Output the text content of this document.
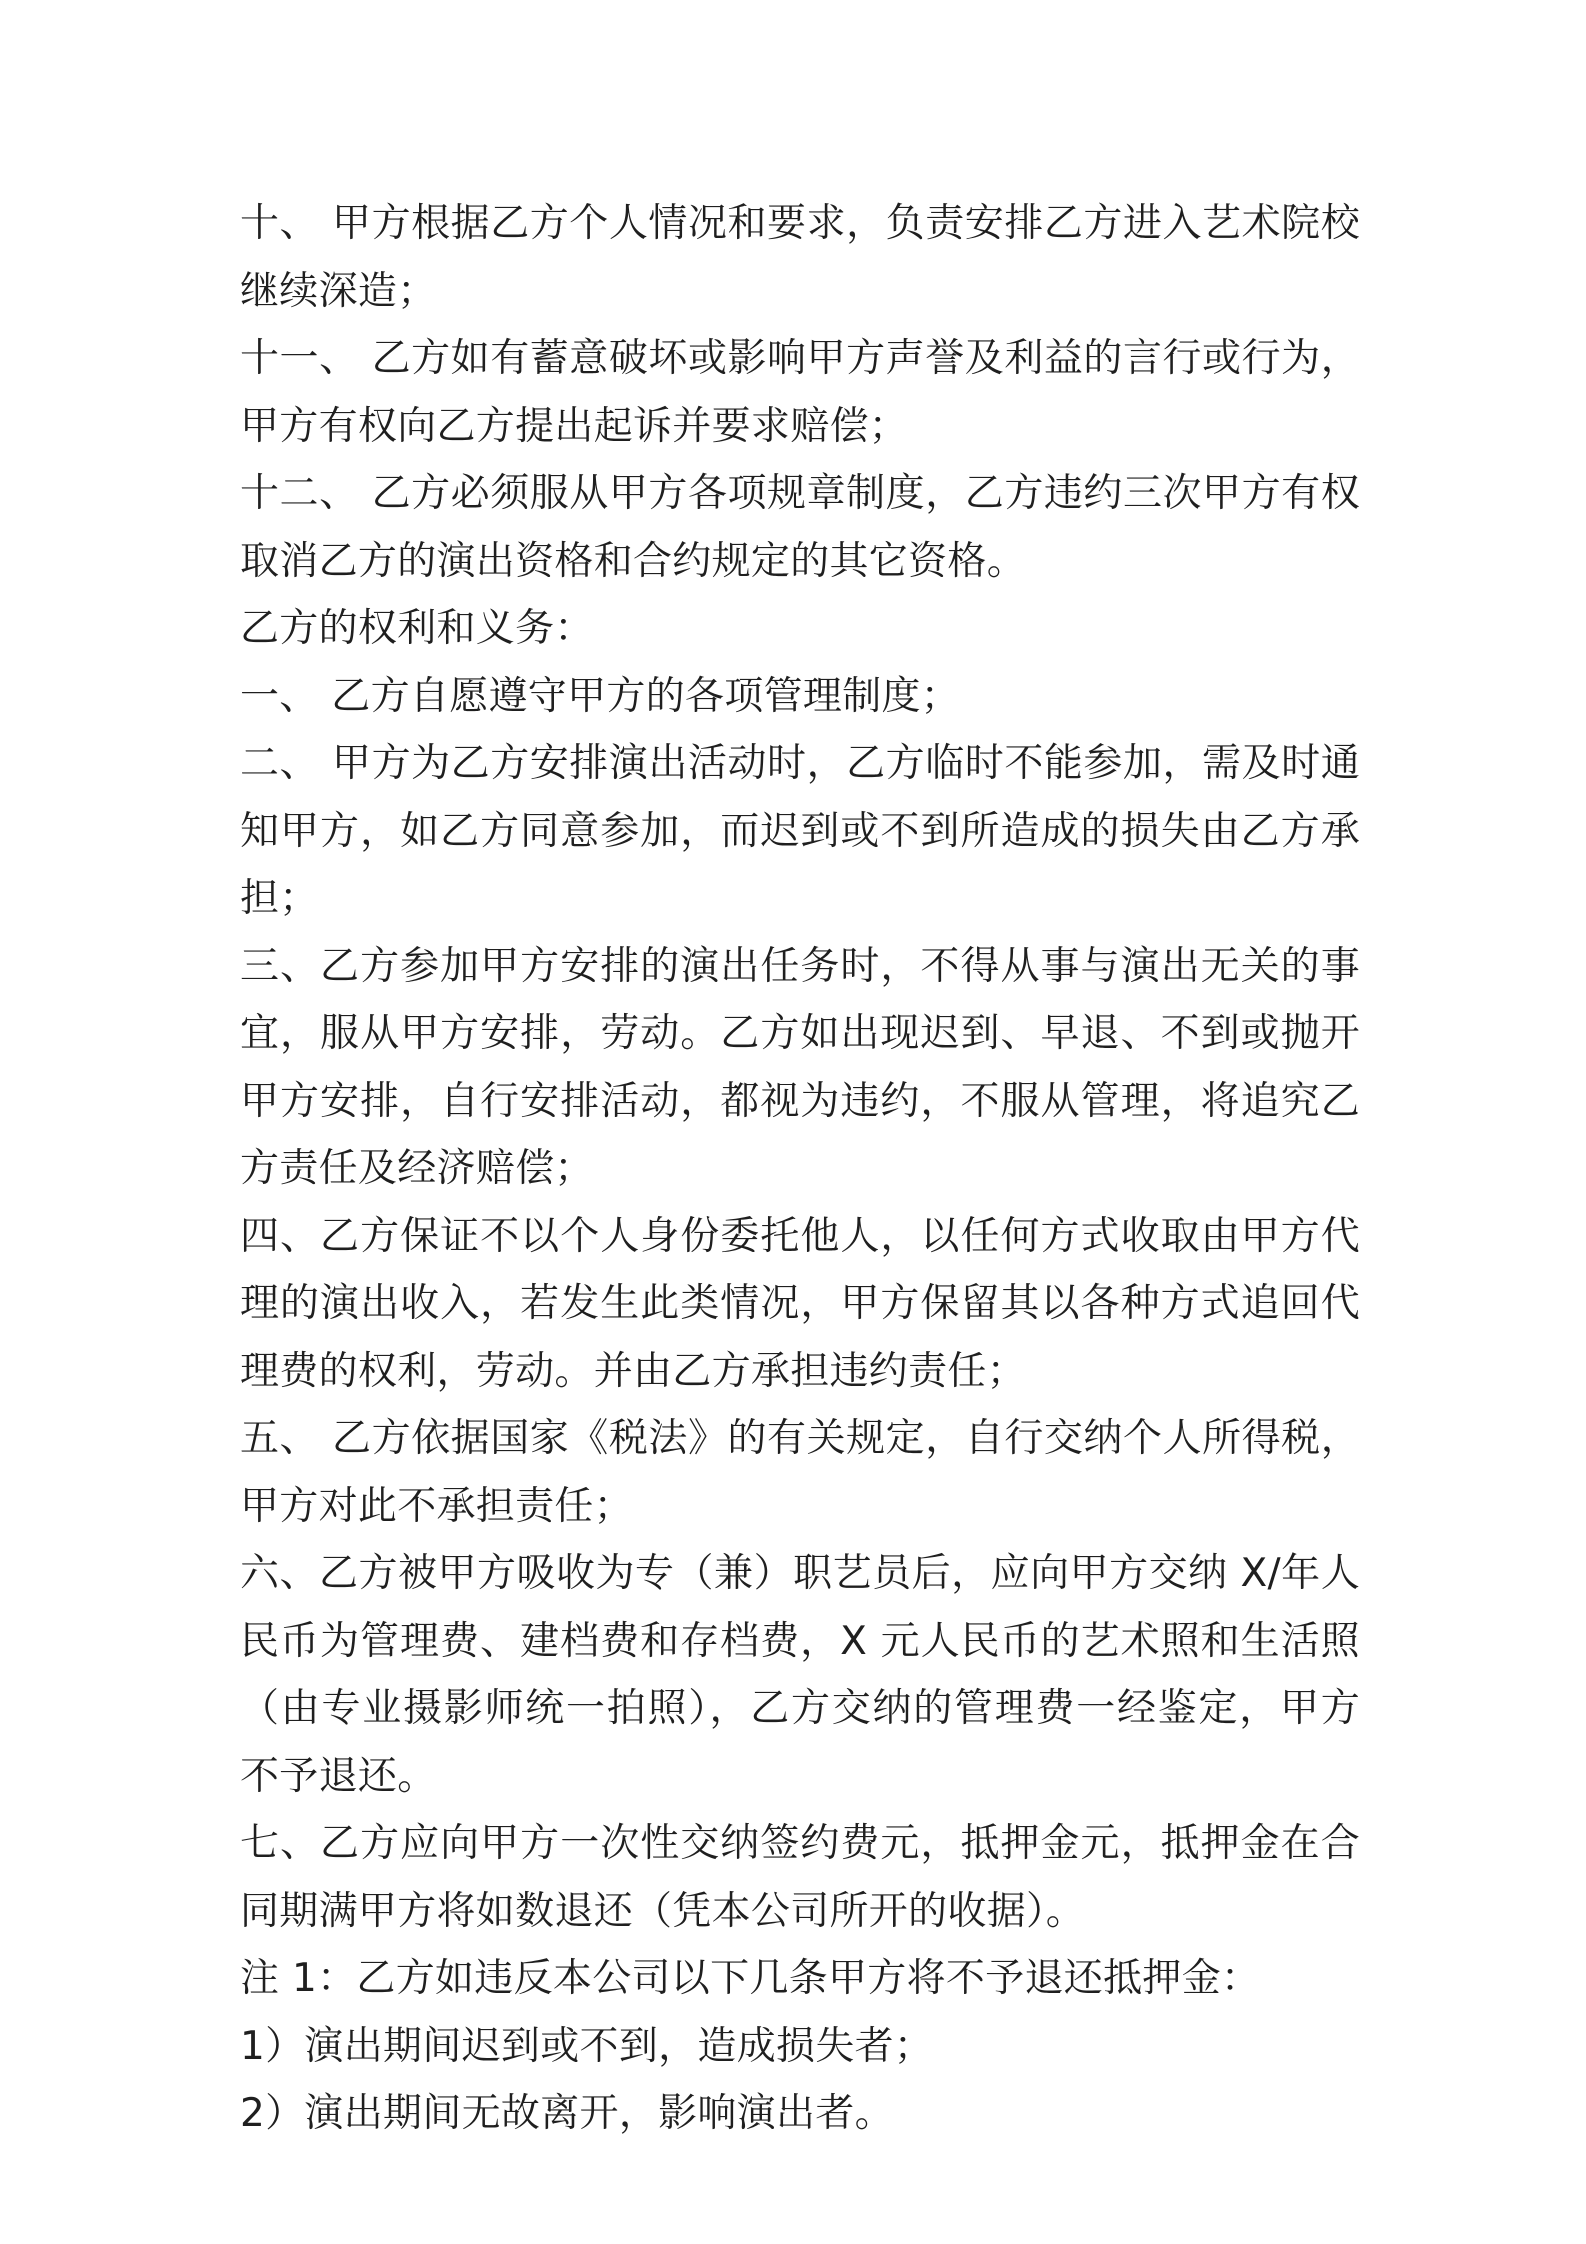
十、 甲方根据乙方个人情况和要求，负责安排乙方进入艺术院校继续深造；

十一、 乙方如有蓄意破坏或影响甲方声誉及利益的言行或行为，甲方有权向乙方提出起诉并要求赔偿；

十二、 乙方必须服从甲方各项规章制度，乙方违约三次甲方有权取消乙方的演出资格和合约规定的其它资格。

乙方的权利和义务：

一、 乙方自愿遵守甲方的各项管理制度；

二、 甲方为乙方安排演出活动时，乙方临时不能参加，需及时通知甲方，如乙方同意参加，而迟到或不到所造成的损失由乙方承担；

三、乙方参加甲方安排的演出任务时，不得从事与演出无关的事宜，服从甲方安排，劳动。乙方如出现迟到、早退、不到或抛开甲方安排，自行安排活动，都视为违约，不服从管理，将追究乙方责任及经济赔偿；

四、乙方保证不以个人身份委托他人，以任何方式收取由甲方代理的演出收入，若发生此类情况，甲方保留其以各种方式追回代理费的权利，劳动。并由乙方承担违约责任；

五、 乙方依据国家《税法》的有关规定，自行交纳个人所得税，甲方对此不承担责任；

六、乙方被甲方吸收为专（兼）职艺员后，应向甲方交纳 X/年人民币为管理费、建档费和存档费，X 元人民币的艺术照和生活照（由专业摄影师统一拍照），乙方交纳的管理费一经鉴定，甲方不予退还。

七、乙方应向甲方一次性交纳签约费元，抵押金元，抵押金在合同期满甲方将如数退还（凭本公司所开的收据）。

注 1：乙方如违反本公司以下几条甲方将不予退还抵押金：

1）演出期间迟到或不到，造成损失者；

2）演出期间无故离开，影响演出者。
